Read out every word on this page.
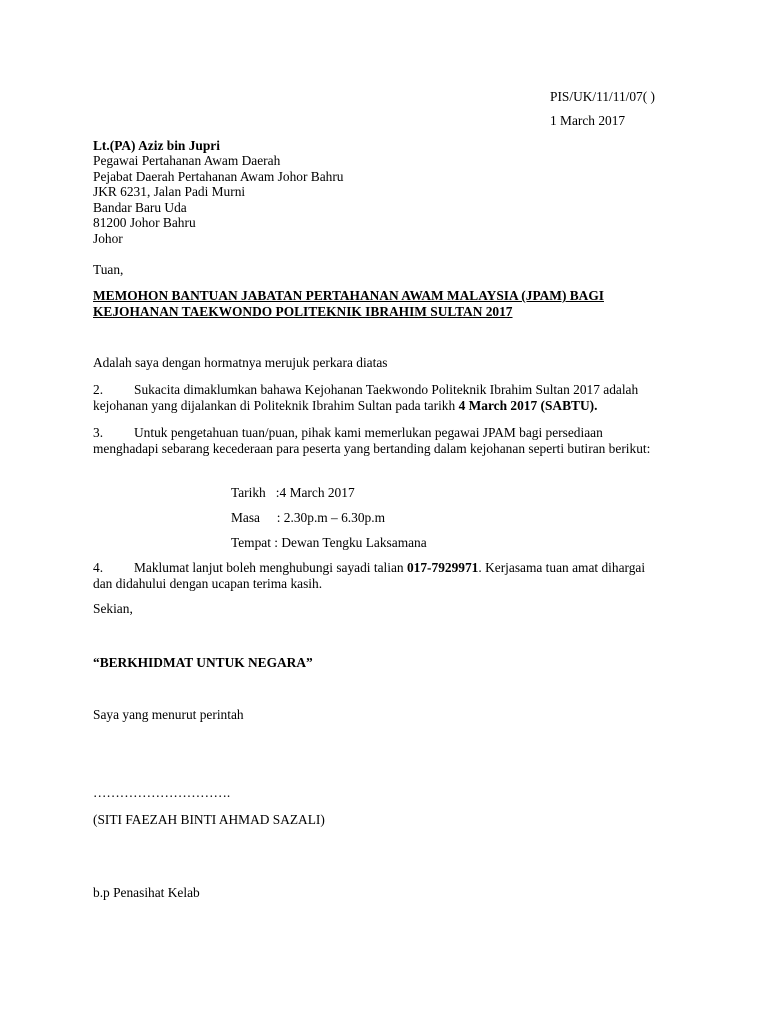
PIS/UK/11/11/07( )
1 March 2017
Lt.(PA) Aziz bin Jupri
Pegawai Pertahanan Awam Daerah
Pejabat Daerah Pertahanan Awam Johor Bahru
JKR 6231, Jalan Padi Murni
Bandar Baru Uda
81200 Johor Bahru
Johor
Tuan,
MEMOHON BANTUAN JABATAN PERTAHANAN AWAM MALAYSIA (JPAM) BAGI
KEJOHANAN TAEKWONDO POLITEKNIK IBRAHIM SULTAN 2017
Adalah saya dengan hormatnya merujuk perkara diatas

2. Sukacita dimaklumkan bahawa Kejohanan Taekwondo Politeknik Ibrahim Sultan 2017 adalah kejohanan yang dijalankan di Politeknik Ibrahim Sultan pada tarikh 4 March 2017 (SABTU).

3. Untuk pengetahuan tuan/puan, pihak kami memerlukan pegawai JPAM bagi persediaan menghadapi sebarang kecederaan para peserta yang bertanding dalam kejohanan seperti butiran berikut:

Tarikh   :4 March 2017
Masa     : 2.30p.m – 6.30p.m
Tempat : Dewan Tengku Laksamana

4. Maklumat lanjut boleh menghubungi sayadi talian 017-7929971. Kerjasama tuan amat dihargai dan didahului dengan ucapan terima kasih.

Sekian,
“BERKHIDMAT UNTUK NEGARA”
Saya yang menurut perintah
………………………….
(SITI FAEZAH BINTI AHMAD SAZALI)
b.p Penasihat Kelab
